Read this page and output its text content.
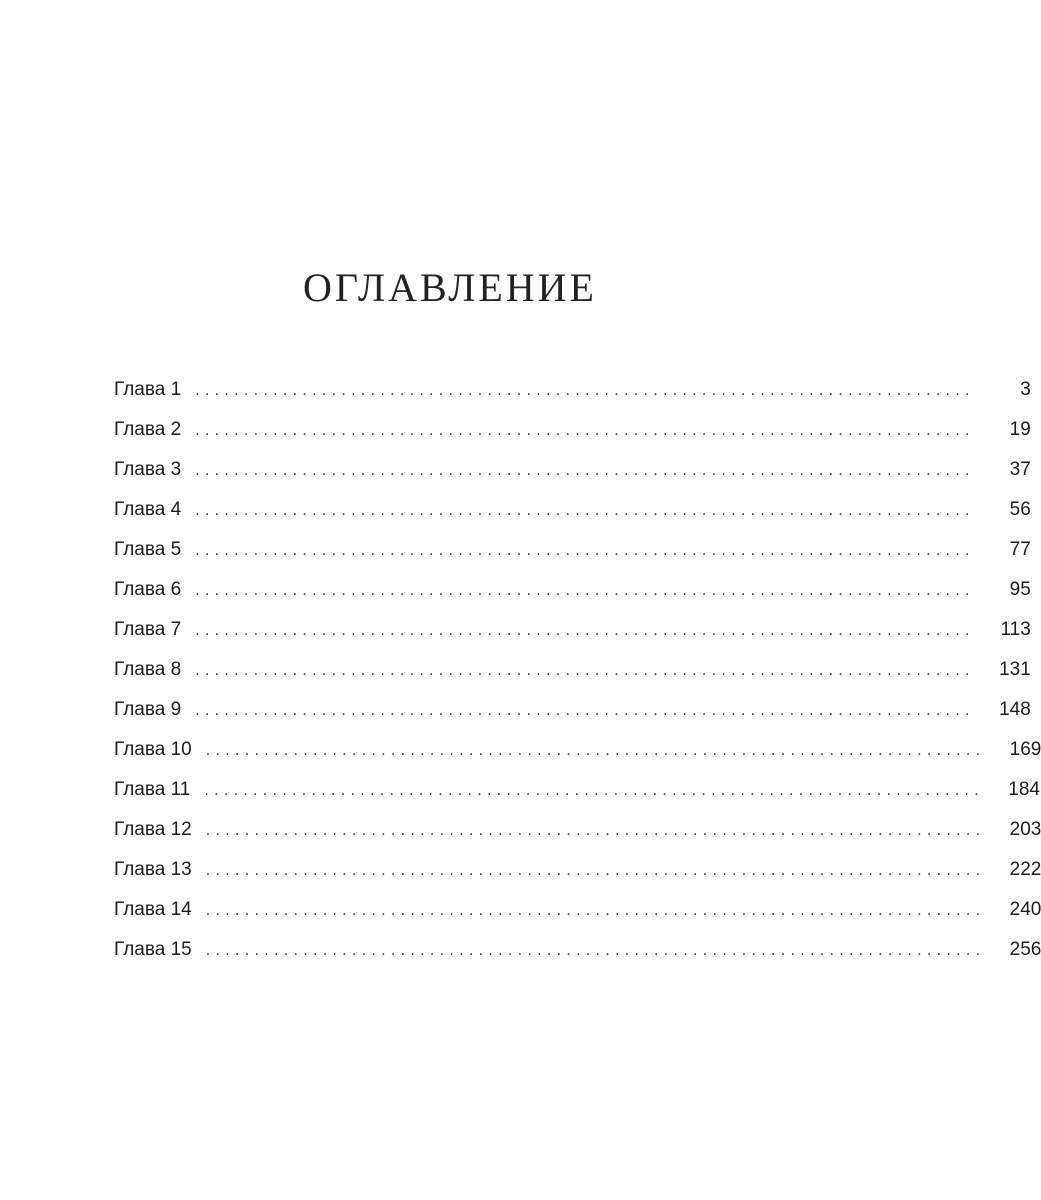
ОГЛАВЛЕНИЕ
Глава 1 ................................................................................	3
Глава 2 ................................................................................	19
Глава 3 ................................................................................	37
Глава 4 ................................................................................	56
Глава 5 ................................................................................	77
Глава 6 ................................................................................	95
Глава 7 ................................................................................	113
Глава 8 ................................................................................	131
Глава 9 ................................................................................	148
Глава 10 ................................................................................	169
Глава 11 ................................................................................	184
Глава 12 ................................................................................	203
Глава 13 ................................................................................	222
Глава 14 ................................................................................	240
Глава 15 ................................................................................	256
